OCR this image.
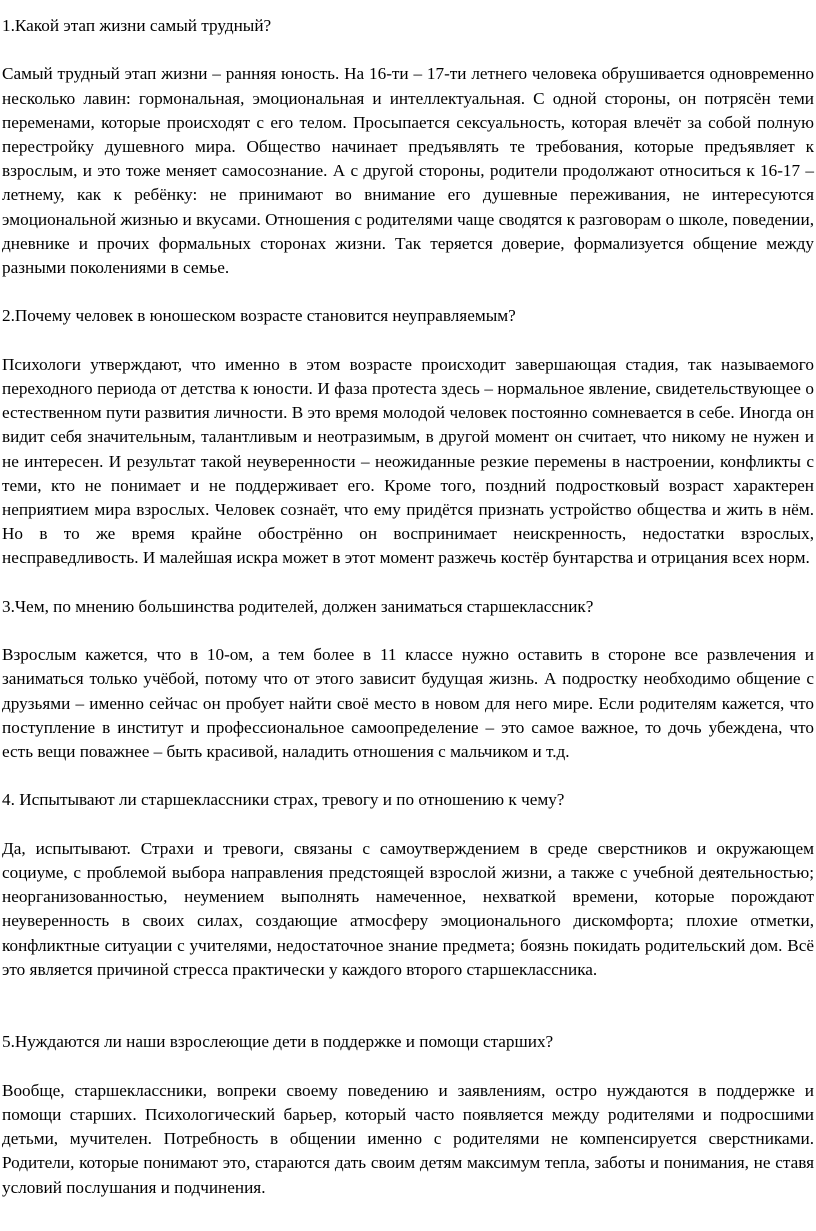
1.Какой этап жизни самый трудный?

Самый трудный этап жизни – ранняя юность. На 16-ти – 17-ти летнего человека обрушивается одновременно несколько лавин: гормональная, эмоциональная и интеллектуальная. С одной стороны, он потрясён теми переменами, которые происходят с его телом. Просыпается сексуальность, которая влечёт за собой полную перестройку душевного мира. Общество начинает предъявлять те требования, которые предъявляет к взрослым, и это тоже меняет самосознание. А с другой стороны, родители продолжают относиться к 16-17 – летнему, как к ребёнку: не принимают во внимание его душевные переживания, не интересуются эмоциональной жизнью и вкусами. Отношения с родителями чаще сводятся к разговорам о школе, поведении, дневнике и прочих формальных сторонах жизни. Так теряется доверие, формализуется общение между разными поколениями в семье.

2.Почему человек в юношеском возрасте становится неуправляемым?

Психологи утверждают, что именно в этом возрасте происходит завершающая стадия, так называемого переходного периода от детства к юности. И фаза протеста здесь – нормальное явление, свидетельствующее о естественном пути развития личности. В это время молодой человек постоянно сомневается в себе. Иногда он видит себя значительным, талантливым и неотразимым, в другой момент он считает, что никому не нужен и не интересен. И результат такой неуверенности – неожиданные резкие перемены в настроении, конфликты с теми, кто не понимает и не поддерживает его. Кроме того, поздний подростковый возраст характерен неприятием мира взрослых. Человек сознаёт, что ему придётся признать устройство общества и жить в нём. Но в то же время крайне обострённо он воспринимает неискренность, недостатки взрослых, несправедливость. И малейшая искра может в этот момент разжечь костёр бунтарства и отрицания всех норм.

3.Чем, по мнению большинства родителей, должен заниматься старшеклассник?

Взрослым кажется, что в 10-ом, а тем более в 11 классе нужно оставить в стороне все развлечения и заниматься только учёбой, потому что от этого зависит будущая жизнь. А подростку необходимо общение с друзьями – именно сейчас он пробует найти своё место в новом для него мире. Если родителям кажется, что поступление в институт и профессиональное самоопределение – это самое важное, то дочь убеждена, что есть вещи поважнее – быть красивой, наладить отношения с мальчиком и т.д.

4. Испытывают ли старшеклассники страх, тревогу и по отношению к чему?

Да, испытывают. Страхи и тревоги, связаны с самоутверждением в среде сверстников и окружающем социуме, с проблемой выбора направления предстоящей взрослой жизни, а также с учебной деятельностью; неорганизованностью, неумением выполнять намеченное, нехваткой времени, которые порождают неуверенность в своих силах, создающие атмосферу эмоционального дискомфорта; плохие отметки, конфликтные ситуации с учителями, недостаточное знание предмета; боязнь покидать родительский дом. Всё это является причиной стресса практически у каждого второго старшеклассника.

5.Нуждаются ли наши взрослеющие дети в поддержке и помощи старших?

Вообще, старшеклассники, вопреки своему поведению и заявлениям, остро нуждаются в поддержке и помощи старших. Психологический барьер, который часто появляется между родителями и подросшими детьми, мучителен. Потребность в общении именно с родителями не компенсируется сверстниками. Родители, которые понимают это, стараются дать своим детям максимум тепла, заботы и понимания, не ставя условий послушания и подчинения.
